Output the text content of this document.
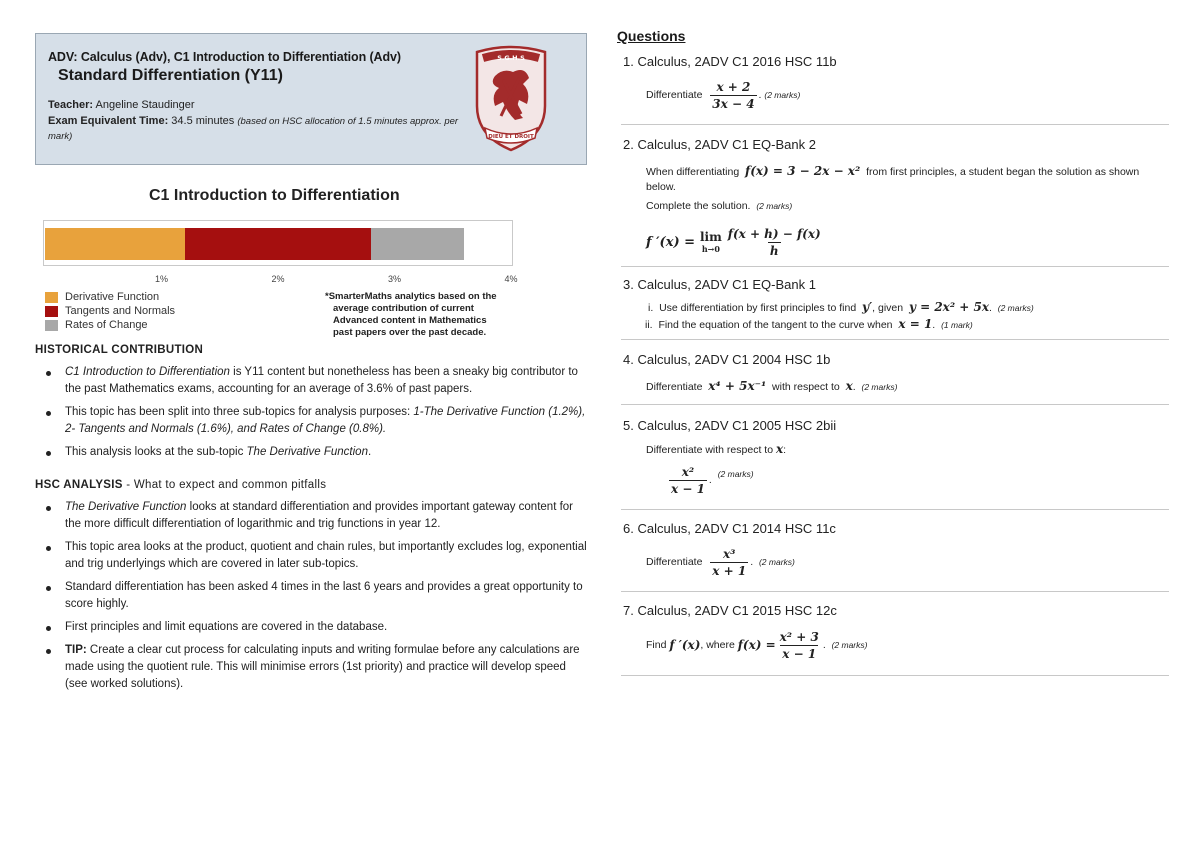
ADV: Calculus (Adv), C1 Introduction to Differentiation (Adv)
Standard Differentiation (Y11)
Teacher: Angeline Staudinger
Exam Equivalent Time: 34.5 minutes (based on HSC allocation of 1.5 minutes approx. per mark)
S.G.H.S
DIEU ET DROIT
C1 Introduction to Differentiation
1%	2%	3%	4%
Derivative Function
Tangents and Normals
Rates of Change
*SmarterMaths analytics based on the
average contribution of current
Advanced content in Mathematics
past papers over the past decade.
HISTORICAL CONTRIBUTION
C1 Introduction to Differentiation is Y11 content but nonetheless has been a sneaky big contributor to the past Mathematics exams, accounting for an average of 3.6% of past papers.
This topic has been split into three sub-topics for analysis purposes: 1-The Derivative Function (1.2%), 2- Tangents and Normals (1.6%), and Rates of Change (0.8%).
This analysis looks at the sub-topic The Derivative Function.
HSC ANALYSIS - What to expect and common pitfalls
The Derivative Function looks at standard differentiation and provides important gateway content for the more difficult differentiation of logarithmic and trig functions in year 12.
This topic area looks at the product, quotient and chain rules, but importantly excludes log, exponential and trig underlyings which are covered in later sub-topics.
Standard differentiation has been asked 4 times in the last 6 years and provides a great opportunity to score highly.
First principles and limit equations are covered in the database.
TIP: Create a clear cut process for calculating inputs and writing formulae before any calculations are made using the quotient rule. This will minimise errors (1st priority) and practice will develop speed (see worked solutions).
Questions
1. Calculus, 2ADV C1 2016 HSC 11b
Differentiate
$\frac{x + 2}{3x - 4}$ . (2 marks)
2. Calculus, 2ADV C1 EQ-Bank 2
When differentiating f(x) = 3 − 2x − x² from first principles, a student began the solution as shown below.
Complete the solution. (2 marks)
f ′(x) =
lim
$h\to 0 \frac{f(x + h) - f(x)}{h}$
3. Calculus, 2ADV C1 EQ-Bank 1
i. Use differentiation by first principles to find y′, given y = 2x² + 5x.  (2 marks)
ii. Find the equation of the tangent to the curve when x = 1.  (1 mark)
4. Calculus, 2ADV C1 2004 HSC 1b
Differentiate x⁴ + 5x⁻¹ with respect to x.  (2 marks)
5. Calculus, 2ADV C1 2005 HSC 2bii
Differentiate with respect to x:
$\frac{\text{x²}}{x - 1}$ . (2 marks)
6. Calculus, 2ADV C1 2014 HSC 11c
Differentiate
$\frac{\text{x³}}{x + 1}$ . (2 marks)
7. Calculus, 2ADV C1 2015 HSC 12c
Find
f ′(x) , where
$f(x) = \frac{\text{x² + 3}}{x - 1}$ . (2 marks)
